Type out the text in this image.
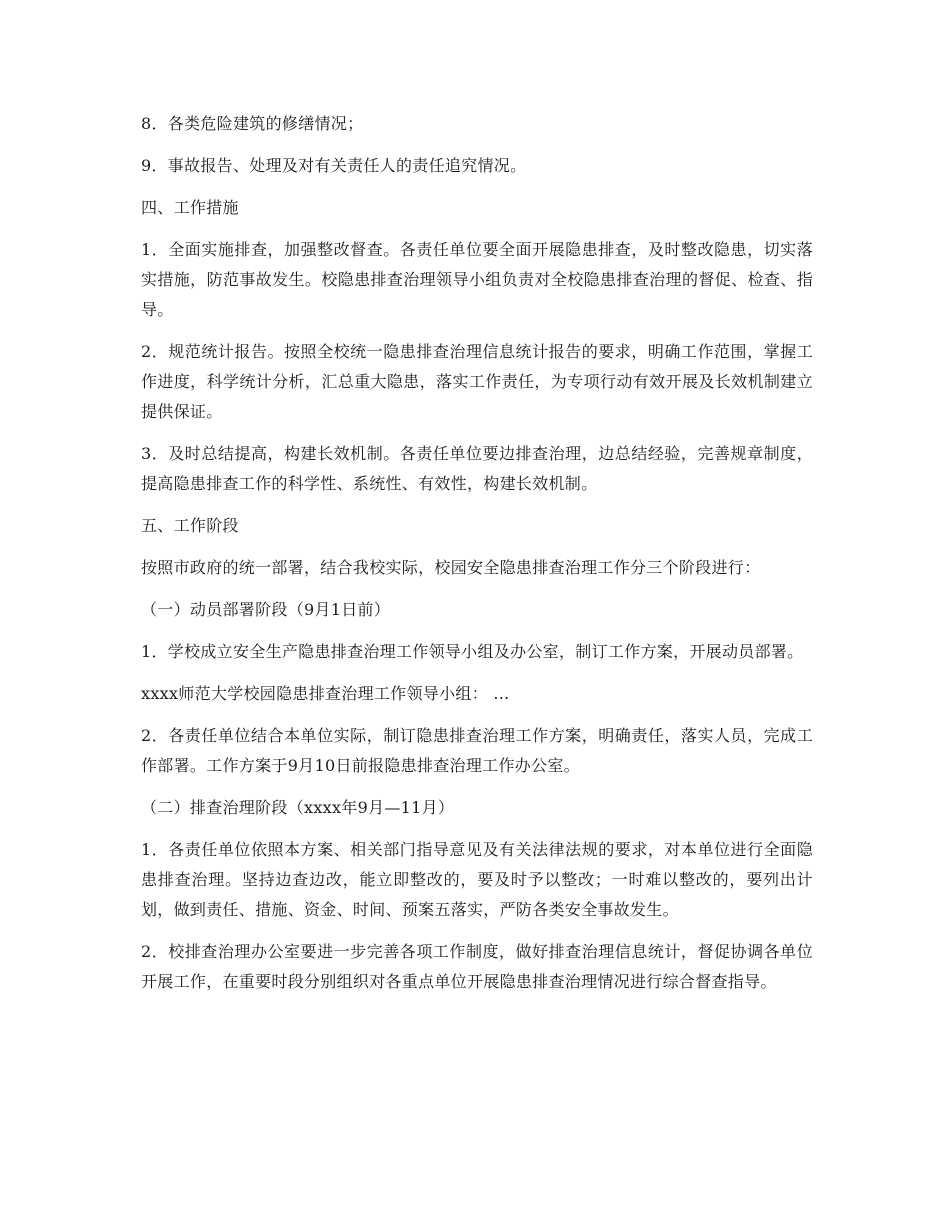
8．各类危险建筑的修缮情况；

9．事故报告、处理及对有关责任人的责任追究情况。

四、工作措施

1．全面实施排查，加强整改督查。各责任单位要全面开展隐患排查，及时整改隐患，切实落实措施，防范事故发生。校隐患排查治理领导小组负责对全校隐患排查治理的督促、检查、指导。

2．规范统计报告。按照全校统一隐患排查治理信息统计报告的要求，明确工作范围，掌握工作进度，科学统计分析，汇总重大隐患，落实工作责任，为专项行动有效开展及长效机制建立提供保证。

3．及时总结提高，构建长效机制。各责任单位要边排查治理，边总结经验，完善规章制度，提高隐患排查工作的科学性、系统性、有效性，构建长效机制。

五、工作阶段

按照市政府的统一部署，结合我校实际，校园安全隐患排查治理工作分三个阶段进行：

（一）动员部署阶段（9月1日前）

1．学校成立安全生产隐患排查治理工作领导小组及办公室，制订工作方案，开展动员部署。

xxxx师范大学校园隐患排查治理工作领导小组： ...

2．各责任单位结合本单位实际，制订隐患排查治理工作方案，明确责任，落实人员，完成工作部署。工作方案于9月10日前报隐患排查治理工作办公室。

（二）排查治理阶段（xxxx年9月—11月）

1．各责任单位依照本方案、相关部门指导意见及有关法律法规的要求，对本单位进行全面隐患排查治理。坚持边查边改，能立即整改的，要及时予以整改；一时难以整改的，要列出计划，做到责任、措施、资金、时间、预案五落实，严防各类安全事故发生。

2．校排查治理办公室要进一步完善各项工作制度，做好排查治理信息统计，督促协调各单位开展工作，在重要时段分别组织对各重点单位开展隐患排查治理情况进行综合督查指导。
